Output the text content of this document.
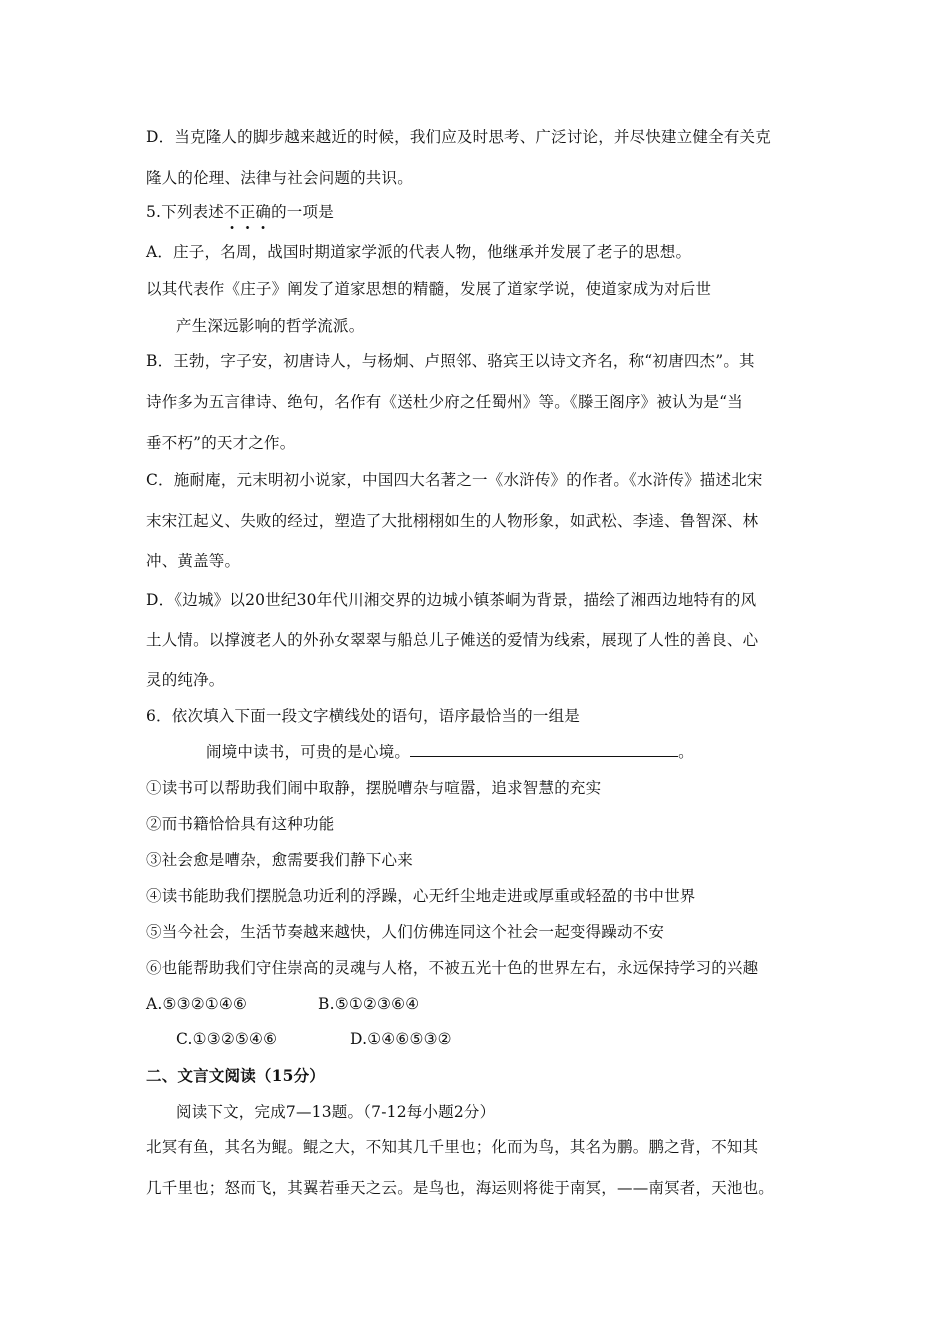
D．当克隆人的脚步越来越近的时候，我们应及时思考、广泛讨论，并尽快建立健全有关克
隆人的伦理、法律与社会问题的共识。
5.下列表述不正确的一项是
A．庄子，名周，战国时期道家学派的代表人物，他继承并发展了老子的思想。
以其代表作《庄子》阐发了道家思想的精髓，发展了道家学说，使道家成为对后世
产生深远影响的哲学流派。
B．王勃，字子安，初唐诗人，与杨炯、卢照邻、骆宾王以诗文齐名，称“初唐四杰”。其
诗作多为五言律诗、绝句，名作有《送杜少府之任蜀州》等。《滕王阁序》被认为是“当
垂不朽”的天才之作。
C．施耐庵，元末明初小说家，中国四大名著之一《水浒传》的作者。《水浒传》描述北宋
末宋江起义、失败的经过，塑造了大批栩栩如生的人物形象，如武松、李逵、鲁智深、林
冲、黄盖等。
D．《边城》以20世纪30年代川湘交界的边城小镇茶峒为背景，描绘了湘西边地特有的风
土人情。以撑渡老人的外孙女翠翠与船总儿子傩送的爱情为线索，展现了人性的善良、心
灵的纯净。
6．依次填入下面一段文字横线处的语句，语序最恰当的一组是
闹境中读书，可贵的是心境。	。
①读书可以帮助我们闹中取静，摆脱嘈杂与喧嚣，追求智慧的充实
②而书籍恰恰具有这种功能
③社会愈是嘈杂，愈需要我们静下心来
④读书能助我们摆脱急功近利的浮躁，心无纤尘地走进或厚重或轻盈的书中世界
⑤当今社会，生活节奏越来越快，人们仿佛连同这个社会一起变得躁动不安
⑥也能帮助我们守住崇高的灵魂与人格，不被五光十色的世界左右，永远保持学习的兴趣
A.⑤③②①④⑥	B.⑤①②③⑥④
C.①③②⑤④⑥	D.①④⑥⑤③②
二、文言文阅读（15分）
阅读下文，完成7—13题。（7-12每小题2分）
北冥有鱼，其名为鲲。鲲之大，不知其几千里也；化而为鸟，其名为鹏。鹏之背，不知其
几千里也；怒而飞，其翼若垂天之云。是鸟也，海运则将徙于南冥，——南冥者，天池也。
